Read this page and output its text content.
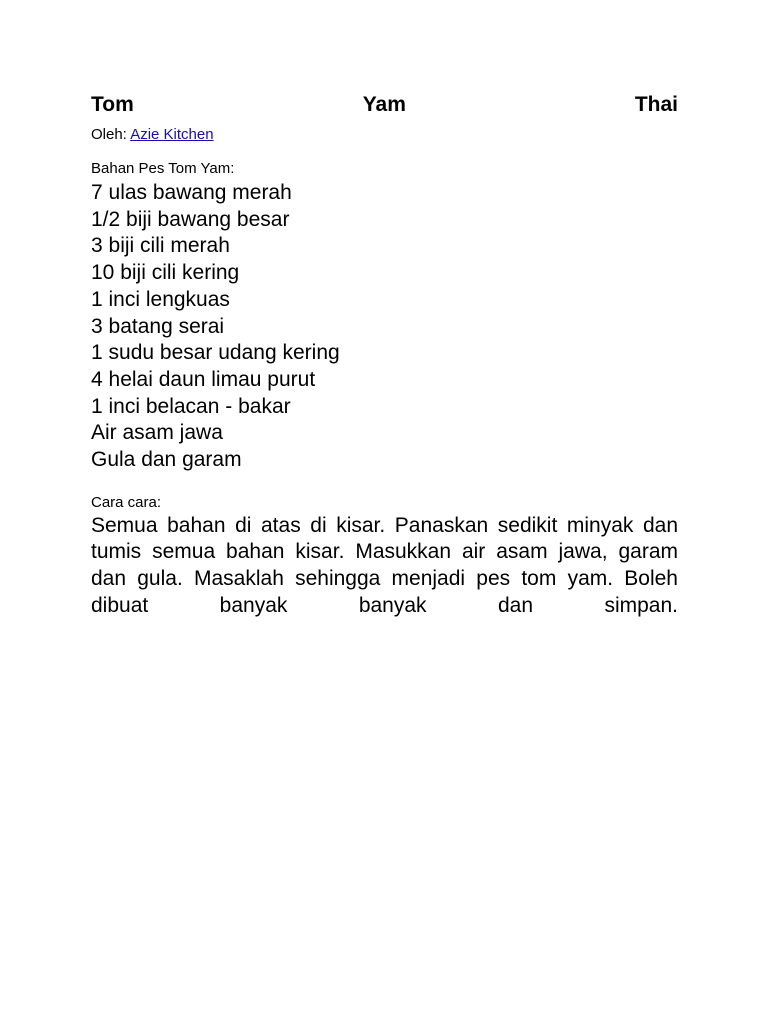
Tom	Yam	Thai
Oleh: Azie Kitchen
Bahan Pes Tom Yam:
7 ulas bawang merah
1/2 biji bawang besar
3 biji cili merah
10 biji cili kering
1 inci lengkuas
3 batang serai
1 sudu besar udang kering
4 helai daun limau purut
1 inci belacan - bakar
Air asam jawa
Gula dan garam
Cara cara:

Semua bahan di atas di kisar. Panaskan sedikit minyak dan tumis semua bahan kisar. Masukkan air asam jawa, garam dan gula. Masaklah sehingga menjadi pes tom yam. Boleh dibuat banyak banyak dan simpan.
